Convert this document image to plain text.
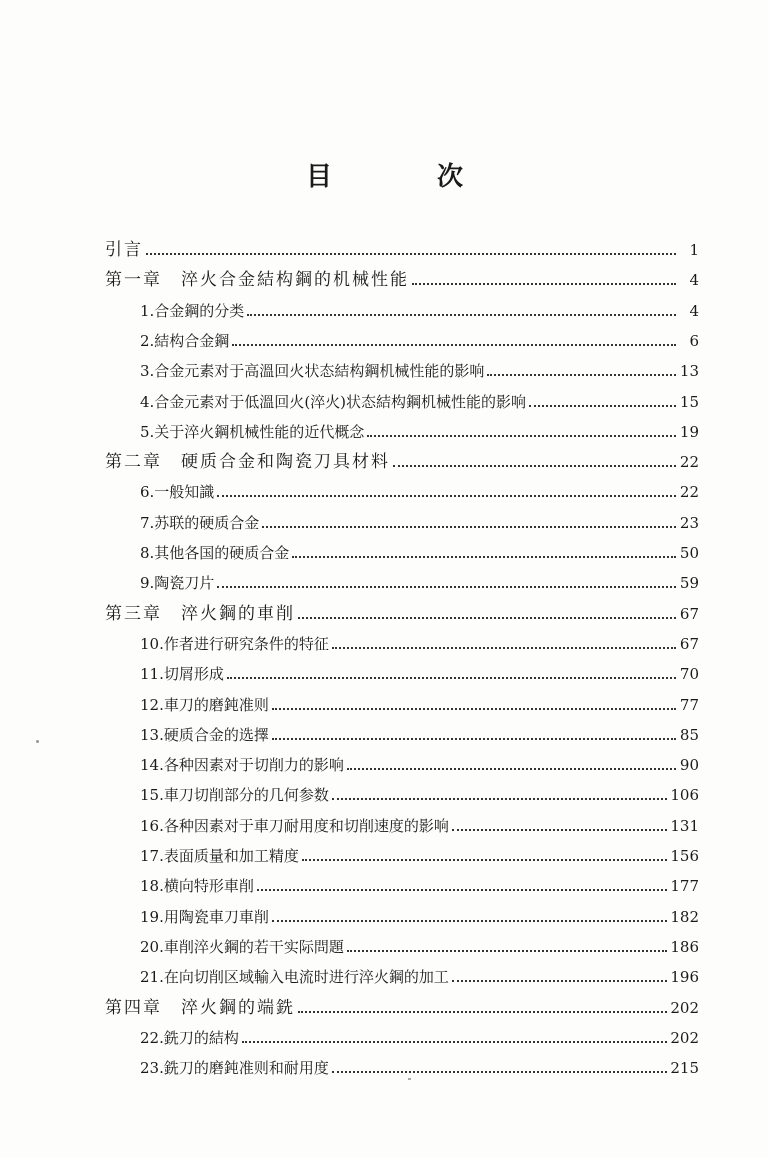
目 次
引言	1
第一章　淬火合金結构鋼的机械性能	4
1.合金鋼的分类	4
2.結构合金鋼	6
3.合金元素对于高溫回火状态結构鋼机械性能的影响	13
4.合金元素对于低溫回火(淬火)状态結构鋼机械性能的影响	15
5.关于淬火鋼机械性能的近代概念	19
第二章　硬质合金和陶瓷刀具材料	22
6.一般知識	22
7.苏联的硬质合金	23
8.其他各国的硬质合金	50
9.陶瓷刀片	59
第三章　淬火鋼的車削	67
10.作者进行研究条件的特征	67
11.切屑形成	70
12.車刀的磨鈍准则	77
13.硬质合金的选擇	85
14.各种因素对于切削力的影响	90
15.車刀切削部分的几何参数	106
16.各种因素对于車刀耐用度和切削速度的影响	131
17.表面质量和加工精度	156
18.横向特形車削	177
19.用陶瓷車刀車削	182
20.車削淬火鋼的若干实际問題	186
21.在向切削区域輸入电流时进行淬火鋼的加工	196
第四章　淬火鋼的端銑	202
22.銑刀的結构	202
23.銑刀的磨鈍准则和耐用度	215
